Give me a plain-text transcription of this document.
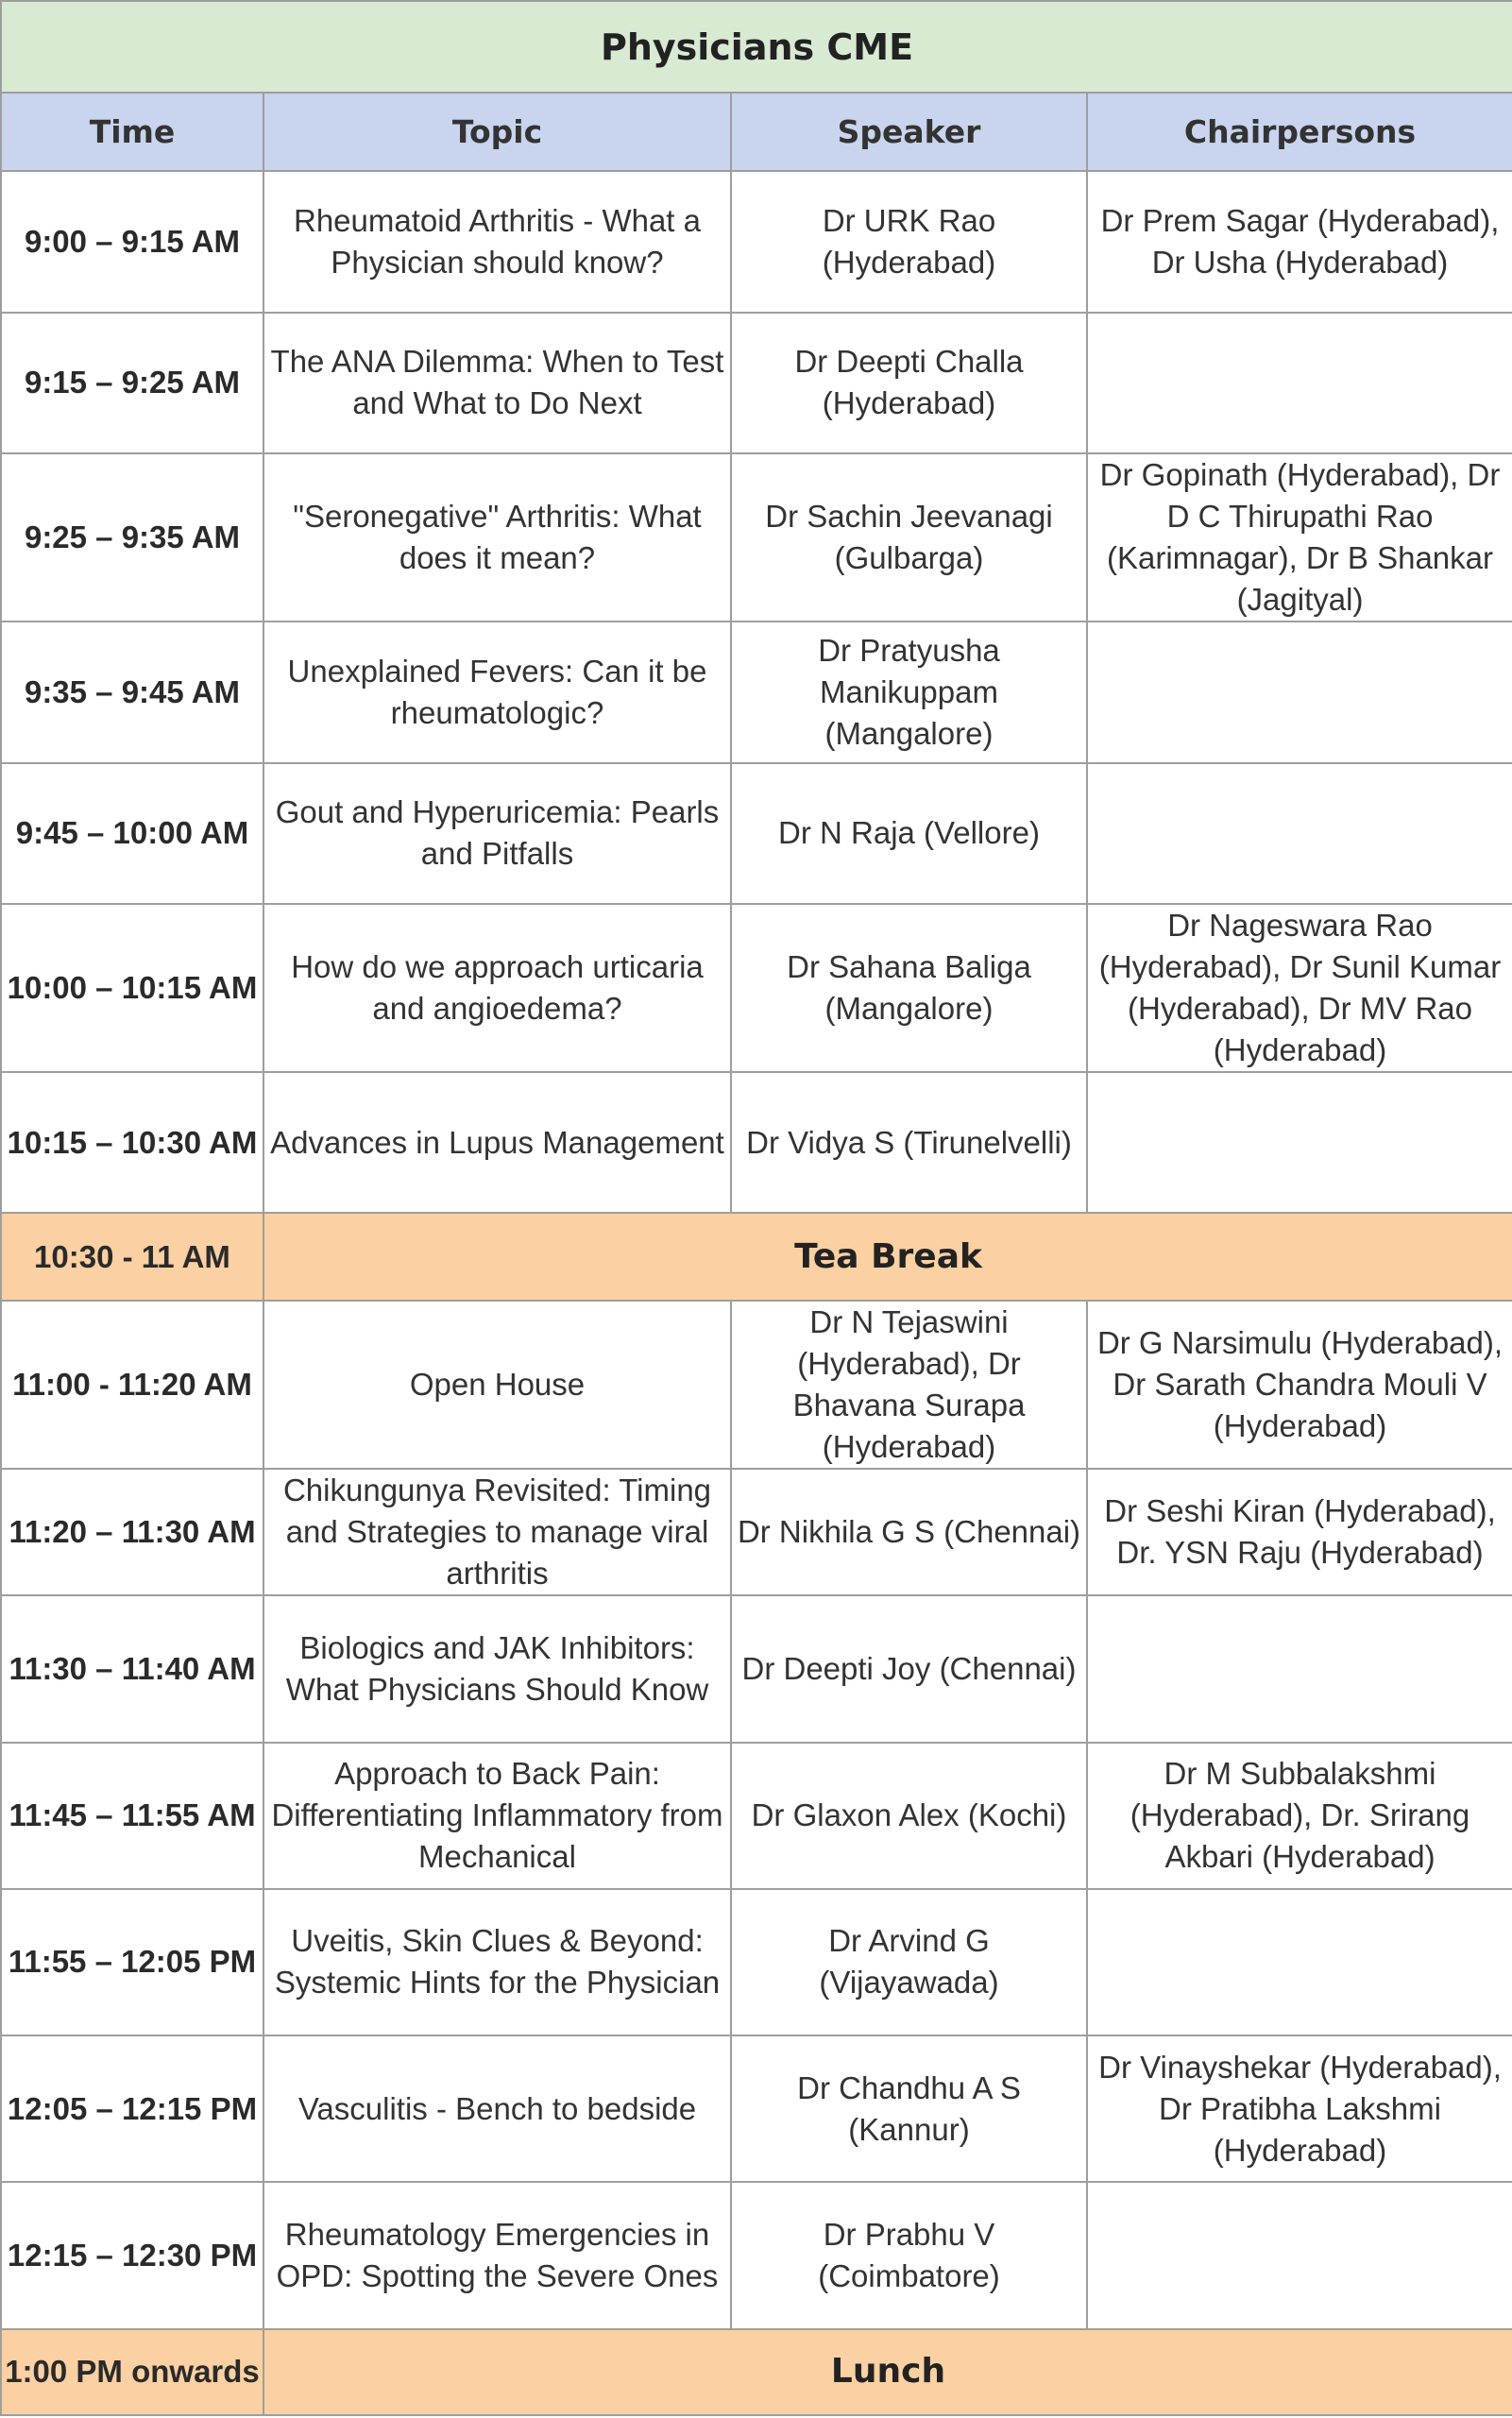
Physicians CME			
Time	Topic	Speaker	Chairpersons
9:00 – 9:15 AM	Rheumatoid Arthritis - What a Physician should know?	Dr URK Rao (Hyderabad)	Dr Prem Sagar (Hyderabad), Dr Usha (Hyderabad)
9:15 – 9:25 AM	The ANA Dilemma: When to Test and What to Do Next	Dr Deepti Challa (Hyderabad)	
9:25 – 9:35 AM	"Seronegative" Arthritis: What does it mean?	Dr Sachin Jeevanagi (Gulbarga)	Dr Gopinath (Hyderabad), Dr D C Thirupathi Rao (Karimnagar), Dr B Shankar (Jagityal)
9:35 – 9:45 AM	Unexplained Fevers: Can it be rheumatologic?	Dr Pratyusha Manikuppam (Mangalore)	
9:45 – 10:00 AM	Gout and Hyperuricemia: Pearls and Pitfalls	Dr N Raja (Vellore)	
10:00 – 10:15 AM	How do we approach urticaria and angioedema?	Dr Sahana Baliga (Mangalore)	Dr Nageswara Rao (Hyderabad), Dr Sunil Kumar (Hyderabad), Dr MV Rao (Hyderabad)
10:15 – 10:30 AM	Advances in Lupus Management	Dr Vidya S (Tirunelvelli)	
10:30 - 11 AM	Tea Break		
11:00 - 11:20 AM	Open House	Dr N Tejaswini (Hyderabad), Dr Bhavana Surapa (Hyderabad)	Dr G Narsimulu (Hyderabad), Dr Sarath Chandra Mouli V (Hyderabad)
11:20 – 11:30 AM	Chikungunya Revisited: Timing and Strategies to manage viral arthritis	Dr Nikhila G S (Chennai)	Dr Seshi Kiran (Hyderabad), Dr. YSN Raju (Hyderabad)
11:30 – 11:40 AM	Biologics and JAK Inhibitors: What Physicians Should Know	Dr Deepti Joy (Chennai)	
11:45 – 11:55 AM	Approach to Back Pain: Differentiating Inflammatory from Mechanical	Dr Glaxon Alex (Kochi)	Dr M Subbalakshmi (Hyderabad), Dr. Srirang Akbari (Hyderabad)
11:55 – 12:05 PM	Uveitis, Skin Clues & Beyond: Systemic Hints for the Physician	Dr Arvind G (Vijayawada)	
12:05 – 12:15 PM	Vasculitis - Bench to bedside	Dr Chandhu A S (Kannur)	Dr Vinayshekar (Hyderabad), Dr Pratibha Lakshmi (Hyderabad)
12:15 – 12:30 PM	Rheumatology Emergencies in OPD: Spotting the Severe Ones	Dr Prabhu V (Coimbatore)	
1:00 PM onwards	Lunch		
